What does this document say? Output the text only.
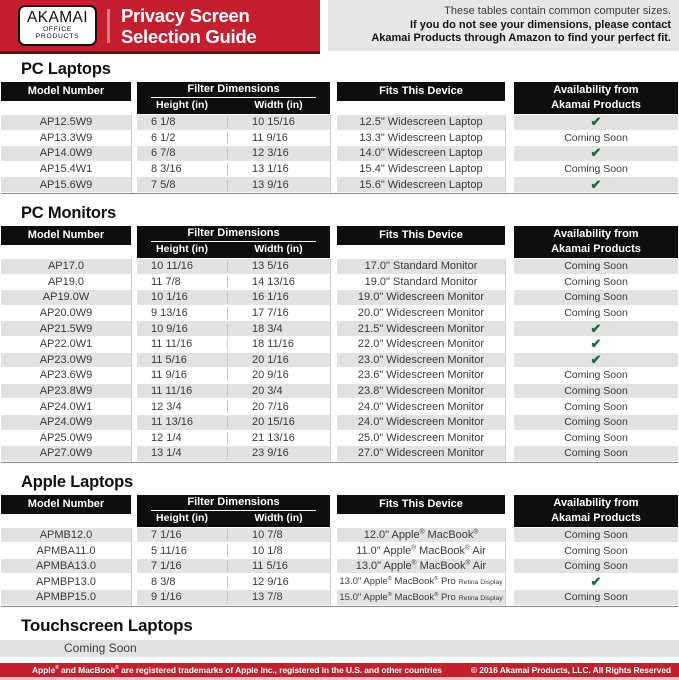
AKAMAI
OFFICE PRODUCTS
Privacy Screen
Selection Guide
These tables contain common computer sizes.
If you do not see your dimensions, please contact
Akamai Products through Amazon to find your perfect fit.
PC Laptops
Model Number	Filter Dimensions
Height (in)	Width (in)
Fits This Device	Availability from
Akamai Products
AP12.5W9	6 1/8	10 15/16	12.5" Widescreen Laptop	✔
AP13.3W9	6 1/2	11 9/16	13.3" Widescreen Laptop	Coming Soon
AP14.0W9	6 7/8	12 3/16	14.0" Widescreen Laptop	✔
AP15.4W1	8 3/16	13 1/16	15.4" Widescreen Laptop	Coming Soon
AP15.6W9	7 5/8	13 9/16	15.6" Widescreen Laptop	✔
PC Monitors
Model Number	Filter Dimensions
Height (in)	Width (in)
Fits This Device	Availability from
Akamai Products
AP17.0	10 11/16	13 5/16	17.0" Standard Monitor	Coming Soon
AP19.0	11 7/8	14 13/16	19.0" Standard Monitor	Coming Soon
AP19.0W	10 1/16	16 1/16	19.0" Widescreen Monitor	Coming Soon
AP20.0W9	9 13/16	17 7/16	20.0" Widescreen Monitor	Coming Soon
AP21.5W9	10 9/16	18 3/4	21.5" Widescreen Monitor	✔
AP22.0W1	11 11/16	18 11/16	22.0" Widescreen Monitor	✔
AP23.0W9	11 5/16	20 1/16	23.0" Widescreen Monitor	✔
AP23.6W9	11 9/16	20 9/16	23.6" Widescreen Monitor	Coming Soon
AP23.8W9	11 11/16	20 3/4	23.8" Widescreen Monitor	Coming Soon
AP24.0W1	12 3/4	20 7/16	24.0" Widescreen Monitor	Coming Soon
AP24.0W9	11 13/16	20 15/16	24.0" Widescreen Monitor	Coming Soon
AP25.0W9	12 1/4	21 13/16	25.0" Widescreen Monitor	Coming Soon
AP27.0W9	13 1/4	23 9/16	27.0" Widescreen Monitor	Coming Soon
Apple Laptops
Model Number	Filter Dimensions
Height (in)	Width (in)
Fits This Device	Availability from
Akamai Products
APMB12.0	7 1/16	10 7/8	12.0" Apple® MacBook®	Coming Soon
APMBA11.0	5 11/16	10 1/8	11.0" Apple® MacBook® Air	Coming Soon
APMBA13.0	7 1/16	11 5/16	13.0" Apple® MacBook® Air	Coming Soon
APMBP13.0	8 3/8	12 9/16	13.0" Apple® MacBook® Pro Retina Display	✔
APMBP15.0	9 1/16	13 7/8	15.0" Apple® MacBook® Pro Retina Display	Coming Soon
Touchscreen Laptops
Coming Soon
Apple® and MacBook® are registered trademarks of Apple Inc., registered in the U.S. and other countries	© 2016 Akamai Products, LLC. All Rights Reserved
